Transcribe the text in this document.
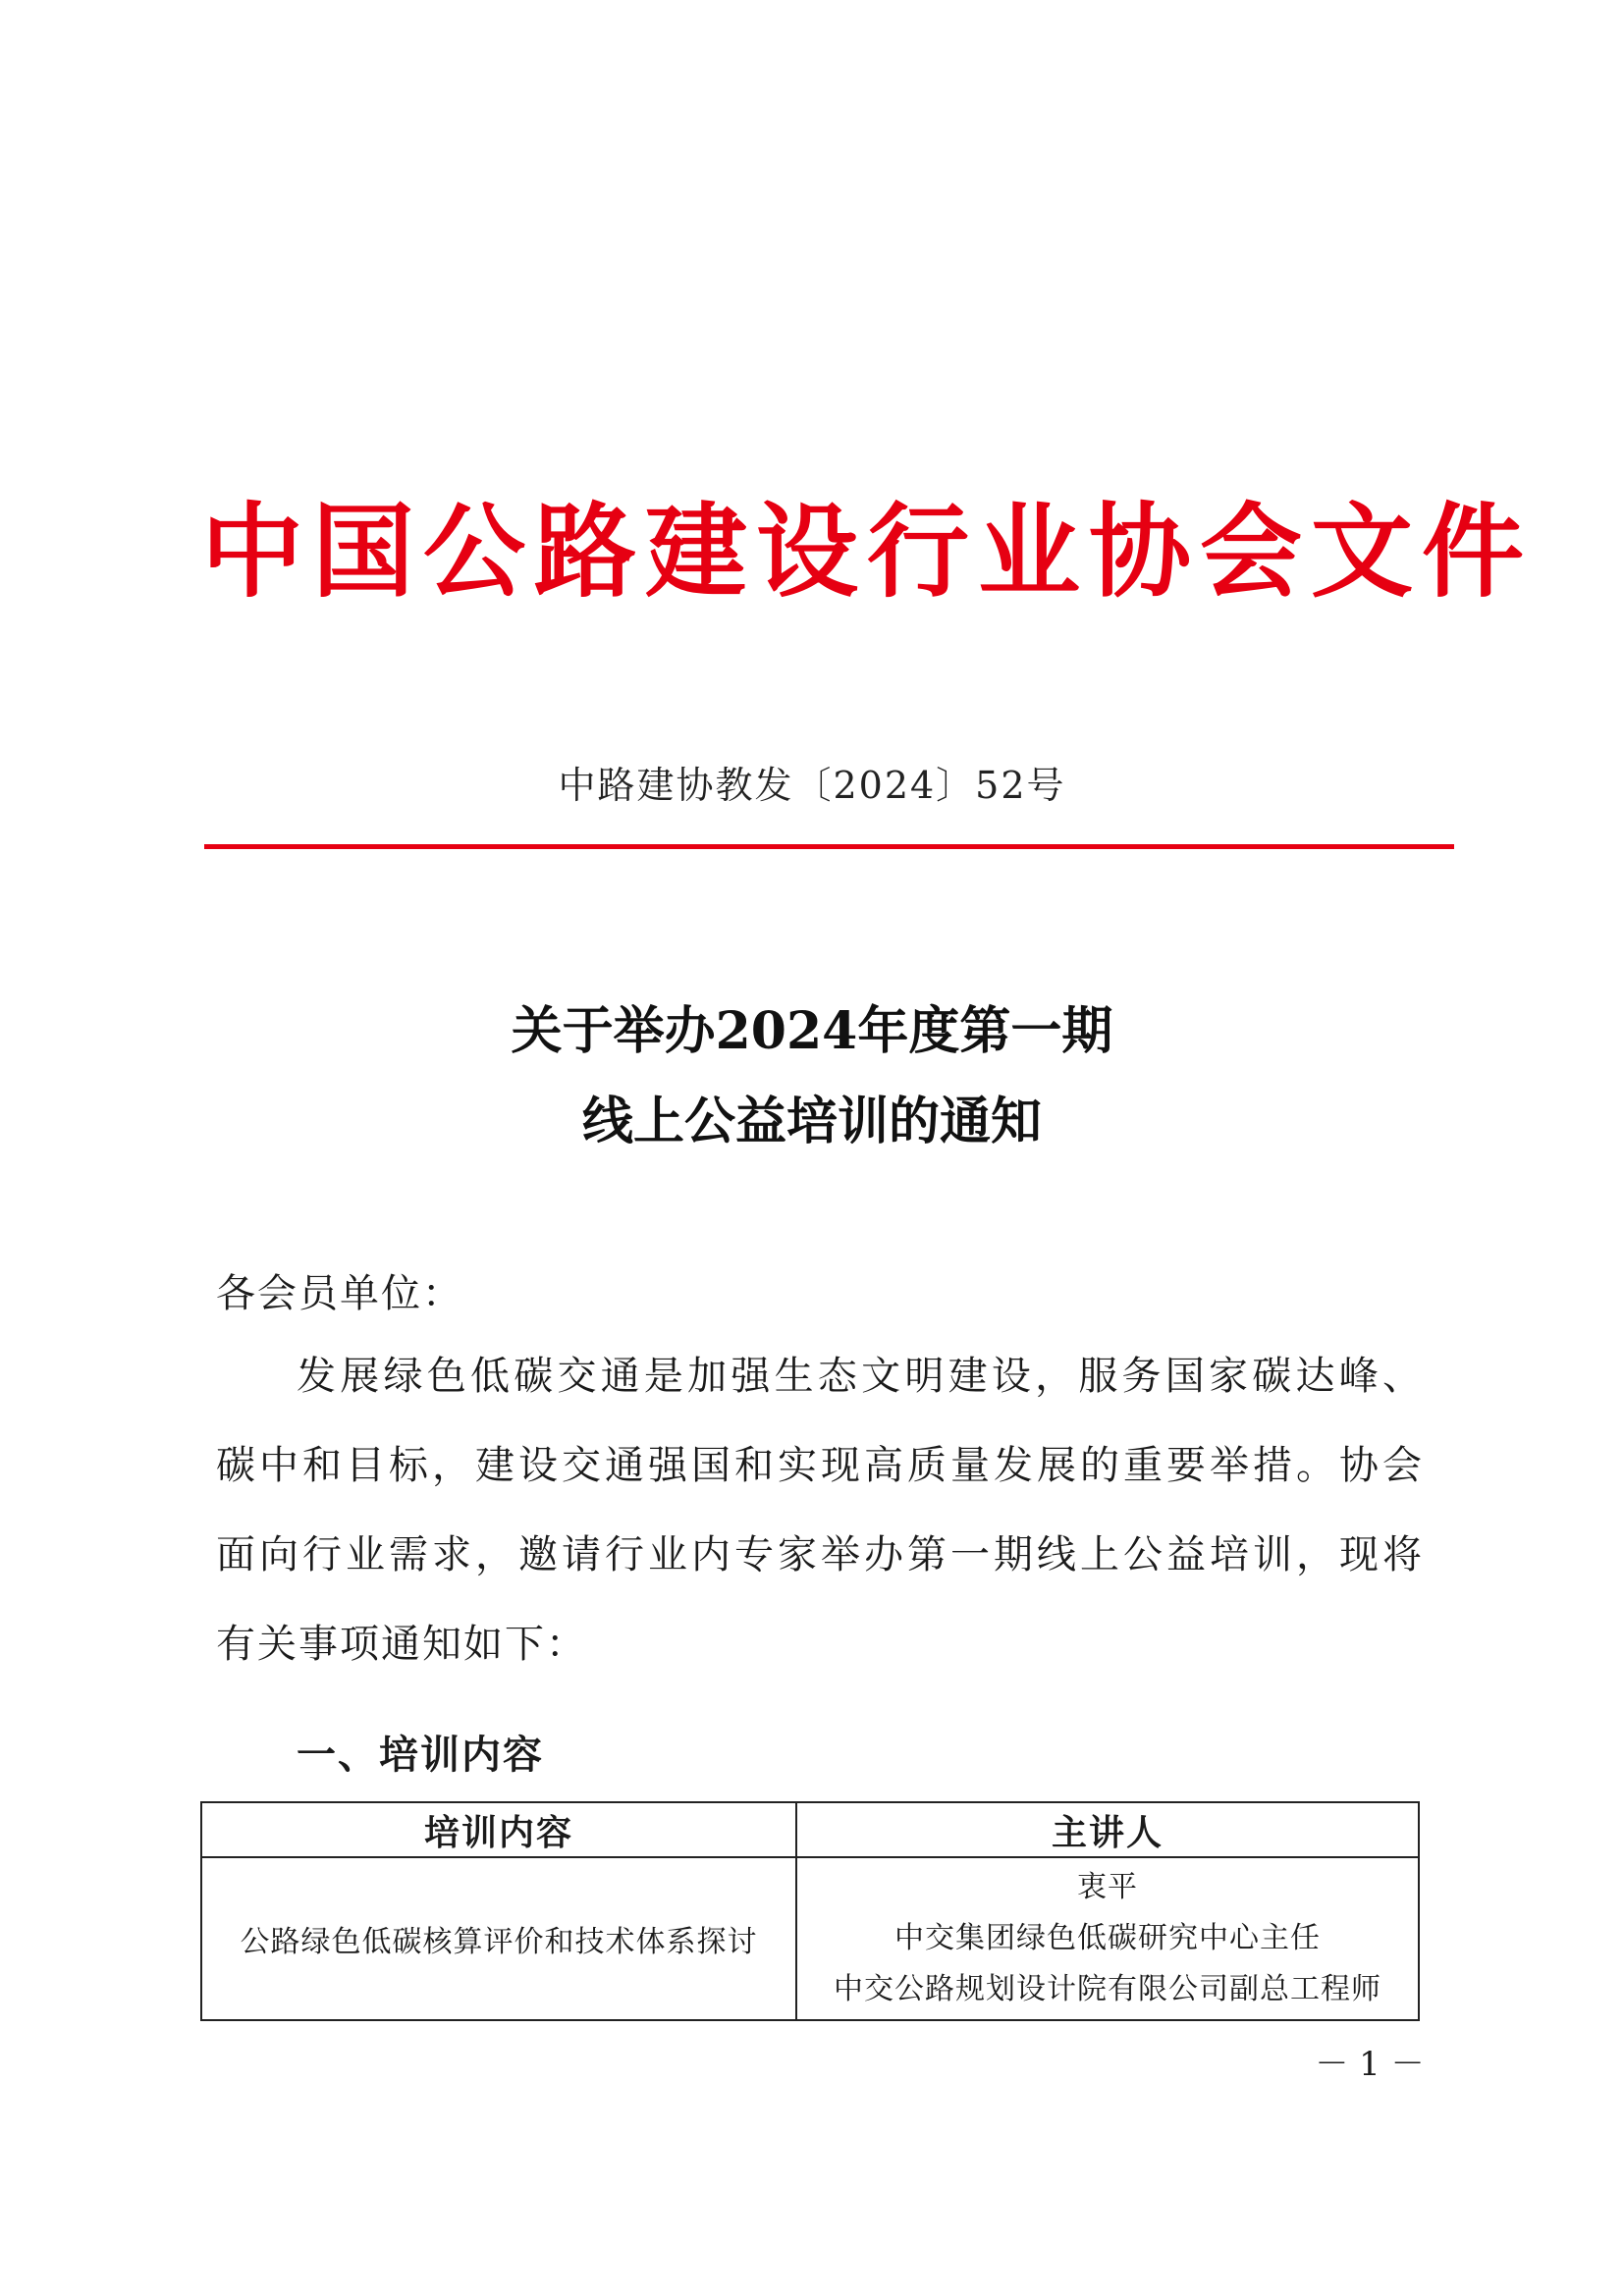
中国公路建设行业协会文件
中路建协教发〔2024〕52号
关于举办2024年度第一期
线上公益培训的通知
各会员单位：
发展绿色低碳交通是加强生态文明建设，服务国家碳达峰、
碳中和目标，建设交通强国和实现高质量发展的重要举措。协会
面向行业需求，邀请行业内专家举办第一期线上公益培训，现将
有关事项通知如下：
一、培训内容
培训内容	主讲人
公路绿色低碳核算评价和技术体系探讨	衷平
中交集团绿色低碳研究中心主任
中交公路规划设计院有限公司副总工程师
－ 1 －
